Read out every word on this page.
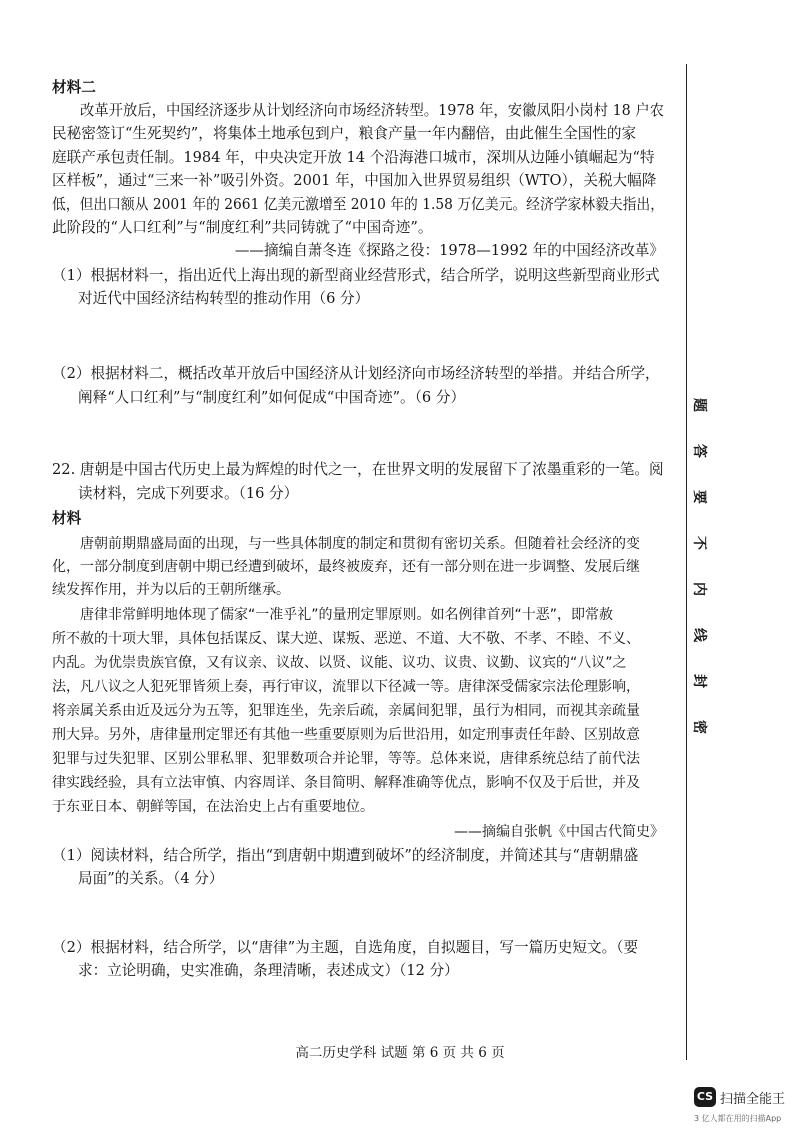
材料二
改革开放后，中国经济逐步从计划经济向市场经济转型。1978 年，安徽凤阳小岗村 18 户农
民秘密签订“生死契约”，将集体土地承包到户，粮食产量一年内翻倍，由此催生全国性的家
庭联产承包责任制。1984 年，中央决定开放 14 个沿海港口城市，深圳从边陲小镇崛起为“特
区样板”，通过“三来一补”吸引外资。2001 年，中国加入世界贸易组织（WTO），关税大幅降
低，但出口额从 2001 年的 2661 亿美元激增至 2010 年的 1.58 万亿美元。经济学家林毅夫指出，
此阶段的“人口红利”与“制度红利”共同铸就了“中国奇迹”。
——摘编自萧冬连《探路之役：1978—1992 年的中国经济改革》
（1）根据材料一，指出近代上海出现的新型商业经营形式，结合所学，说明这些新型商业形式
对近代中国经济结构转型的推动作用（6 分）
（2）根据材料二，概括改革开放后中国经济从计划经济向市场经济转型的举措。并结合所学，
阐释“人口红利”与“制度红利”如何促成“中国奇迹”。（6 分）
22. 唐朝是中国古代历史上最为辉煌的时代之一，在世界文明的发展留下了浓墨重彩的一笔。阅
读材料，完成下列要求。（16 分）
材料
唐朝前期鼎盛局面的出现，与一些具体制度的制定和贯彻有密切关系。但随着社会经济的变
化，一部分制度到唐朝中期已经遭到破坏，最终被废弃，还有一部分则在进一步调整、发展后继
续发挥作用，并为以后的王朝所继承。
唐律非常鲜明地体现了儒家“一准乎礼”的量刑定罪原则。如名例律首列“十恶”，即常赦
所不赦的十项大罪，具体包括谋反、谋大逆、谋叛、恶逆、不道、大不敬、不孝、不睦、不义、
内乱。为优崇贵族官僚，又有议亲、议故、以贤、议能、议功、议贵、议勤、议宾的“八议”之
法，凡八议之人犯死罪皆须上奏，再行审议，流罪以下径减一等。唐律深受儒家宗法伦理影响，
将亲属关系由近及远分为五等，犯罪连坐，先亲后疏，亲属间犯罪，虽行为相同，而视其亲疏量
刑大异。另外，唐律量刑定罪还有其他一些重要原则为后世沿用，如定刑事责任年龄、区别故意
犯罪与过失犯罪、区别公罪私罪、犯罪数项合并论罪，等等。总体来说，唐律系统总结了前代法
律实践经验，具有立法审慎、内容周详、条目简明、解释准确等优点，影响不仅及于后世，并及
于东亚日本、朝鲜等国，在法治史上占有重要地位。
——摘编自张帆《中国古代简史》
（1）阅读材料，结合所学，指出“到唐朝中期遭到破坏”的经济制度，并简述其与“唐朝鼎盛
局面”的关系。（4 分）
（2）根据材料，结合所学，以“唐律”为主题，自选角度，自拟题目，写一篇历史短文。（要
求：立论明确，史实准确，条理清晰，表述成文）（12 分）
题
答
要
不
内
线
封
密
高二历史学科 试题 第 6 页 共 6 页
CS 扫描全能王
3 亿人都在用的扫描App
